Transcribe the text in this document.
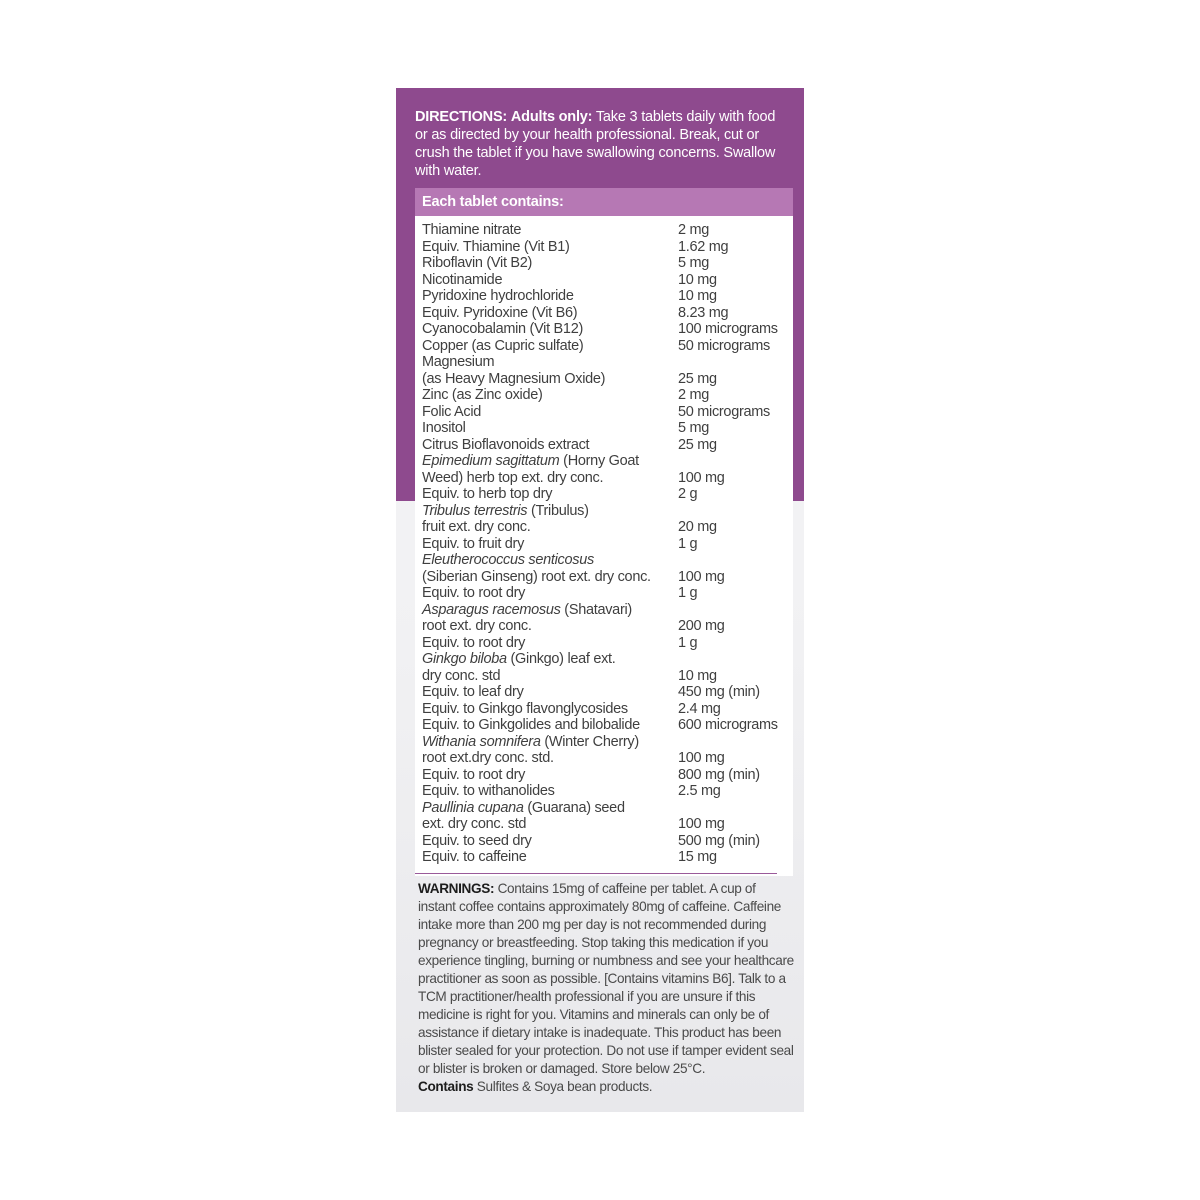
DIRECTIONS: Adults only: Take 3 tablets daily with food or as directed by your health professional. Break, cut or crush the tablet if you have swallowing concerns. Swallow with water.
Each tablet contains:
Thiamine nitrate	2 mg
Equiv. Thiamine (Vit B1)	1.62 mg
Riboflavin (Vit B2)	5 mg
Nicotinamide	10 mg
Pyridoxine hydrochloride	10 mg
Equiv. Pyridoxine (Vit B6)	8.23 mg
Cyanocobalamin (Vit B12)	100 micrograms
Copper (as Cupric sulfate)	50 micrograms
Magnesium
(as Heavy Magnesium Oxide)	25 mg
Zinc (as Zinc oxide)	2 mg
Folic Acid	50 micrograms
Inositol	5 mg
Citrus Bioflavonoids extract	25 mg
Epimedium sagittatum (Horny Goat
Weed) herb top ext. dry conc.	100 mg
Equiv. to herb top dry	2 g
Tribulus terrestris (Tribulus)
fruit ext. dry conc.	20 mg
Equiv. to fruit dry	1 g
Eleutherococcus senticosus
(Siberian Ginseng) root ext. dry conc.	100 mg
Equiv. to root dry	1 g
Asparagus racemosus (Shatavari)
root ext. dry conc.	200 mg
Equiv. to root dry	1 g
Ginkgo biloba (Ginkgo) leaf ext.
dry conc. std	10 mg
Equiv. to leaf dry	450 mg (min)
Equiv. to Ginkgo flavonglycosides	2.4 mg
Equiv. to Ginkgolides and bilobalide	600 micrograms
Withania somnifera (Winter Cherry)
root ext.dry conc. std.	100 mg
Equiv. to root dry	800 mg (min)
Equiv. to withanolides	2.5 mg
Paullinia cupana (Guarana) seed
ext. dry conc. std	100 mg
Equiv. to seed dry	500 mg (min)
Equiv. to caffeine	15 mg
WARNINGS: Contains 15mg of caffeine per tablet. A cup of instant coffee contains approximately 80mg of caffeine. Caffeine intake more than 200 mg per day is not recommended during pregnancy or breastfeeding. Stop taking this medication if you experience tingling, burning or numbness and see your healthcare practitioner as soon as possible. [Contains vitamins B6]. Talk to a TCM practitioner/health professional if you are unsure if this medicine is right for you. Vitamins and minerals can only be of assistance if dietary intake is inadequate. This product has been blister sealed for your protection. Do not use if tamper evident seal or blister is broken or damaged. Store below 25°C.
Contains Sulfites & Soya bean products.
